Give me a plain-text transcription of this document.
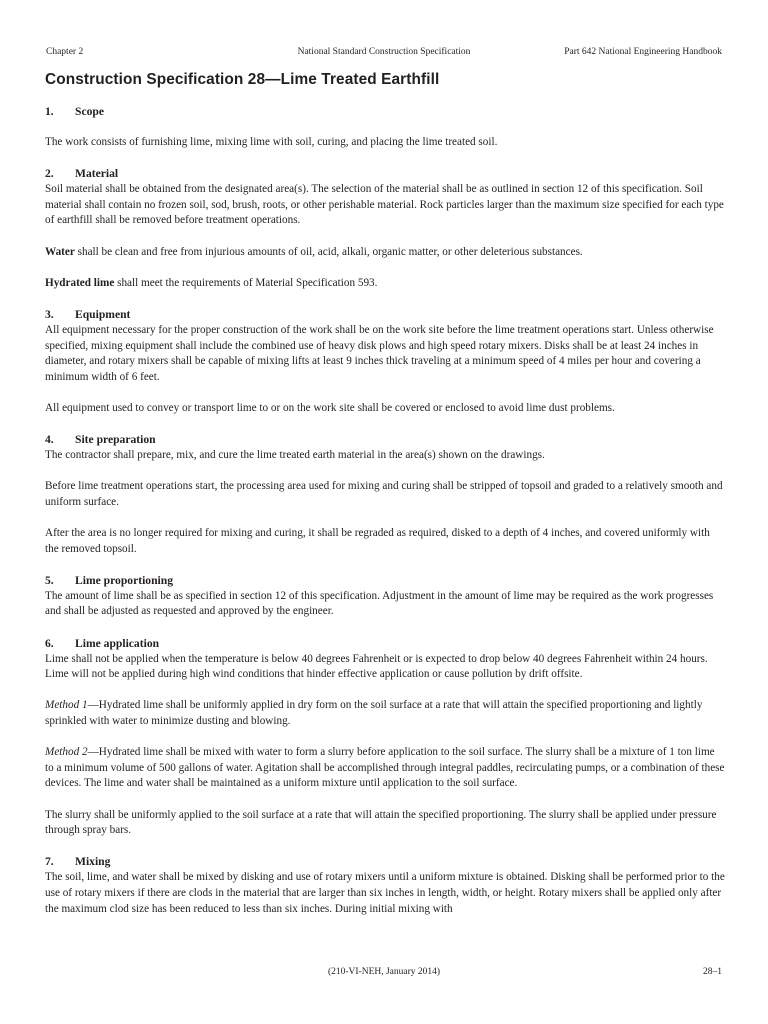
Chapter 2	National Standard Construction Specification	Part 642 National Engineering Handbook
Construction Specification 28—Lime Treated Earthfill
1. Scope

The work consists of furnishing lime, mixing lime with soil, curing, and placing the lime treated soil.

2. Material

Soil material shall be obtained from the designated area(s). The selection of the material shall be as outlined in section 12 of this specification. Soil material shall contain no frozen soil, sod, brush, roots, or other perishable material. Rock particles larger than the maximum size specified for each type of earthfill shall be removed before treatment operations.

Water shall be clean and free from injurious amounts of oil, acid, alkali, organic matter, or other deleterious substances.

Hydrated lime shall meet the requirements of Material Specification 593.

3. Equipment

All equipment necessary for the proper construction of the work shall be on the work site before the lime treatment operations start. Unless otherwise specified, mixing equipment shall include the combined use of heavy disk plows and high speed rotary mixers. Disks shall be at least 24 inches in diameter, and rotary mixers shall be capable of mixing lifts at least 9 inches thick traveling at a minimum speed of 4 miles per hour and covering a minimum width of 6 feet.

All equipment used to convey or transport lime to or on the work site shall be covered or enclosed to avoid lime dust problems.

4. Site preparation

The contractor shall prepare, mix, and cure the lime treated earth material in the area(s) shown on the drawings.

Before lime treatment operations start, the processing area used for mixing and curing shall be stripped of topsoil and graded to a relatively smooth and uniform surface.

After the area is no longer required for mixing and curing, it shall be regraded as required, disked to a depth of 4 inches, and covered uniformly with the removed topsoil.

5. Lime proportioning

The amount of lime shall be as specified in section 12 of this specification. Adjustment in the amount of lime may be required as the work progresses and shall be adjusted as requested and approved by the engineer.

6. Lime application

Lime shall not be applied when the temperature is below 40 degrees Fahrenheit or is expected to drop below 40 degrees Fahrenheit within 24 hours. Lime will not be applied during high wind conditions that hinder effective application or cause pollution by drift offsite.

Method 1—Hydrated lime shall be uniformly applied in dry form on the soil surface at a rate that will attain the specified proportioning and lightly sprinkled with water to minimize dusting and blowing.

Method 2—Hydrated lime shall be mixed with water to form a slurry before application to the soil surface. The slurry shall be a mixture of 1 ton lime to a minimum volume of 500 gallons of water. Agitation shall be accomplished through integral paddles, recirculating pumps, or a combination of these devices. The lime and water shall be maintained as a uniform mixture until application to the soil surface.

The slurry shall be uniformly applied to the soil surface at a rate that will attain the specified proportioning. The slurry shall be applied under pressure through spray bars.

7. Mixing

The soil, lime, and water shall be mixed by disking and use of rotary mixers until a uniform mixture is obtained. Disking shall be performed prior to the use of rotary mixers if there are clods in the material that are larger than six inches in length, width, or height. Rotary mixers shall be applied only after the maximum clod size has been reduced to less than six inches. During initial mixing with

(210-VI-NEH, January 2014)	28–1
